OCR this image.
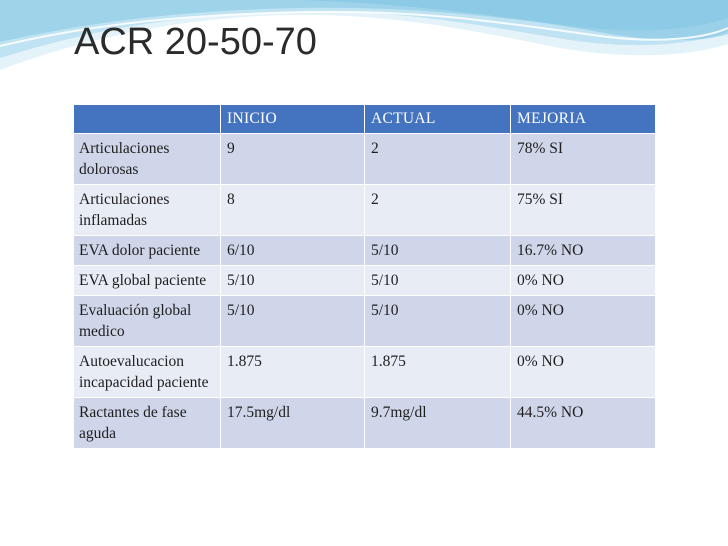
ACR 20-50-70
	INICIO	ACTUAL	MEJORIA
Articulaciones dolorosas	9	2	78% SI
Articulaciones inflamadas	8	2	75% SI
EVA dolor paciente	6/10	5/10	16.7% NO
EVA global paciente	5/10	5/10	0% NO
Evaluación global medico	5/10	5/10	0% NO
Autoevalucacion incapacidad paciente	1.875	1.875	0% NO
Ractantes de fase aguda	17.5mg/dl	9.7mg/dl	44.5% NO
